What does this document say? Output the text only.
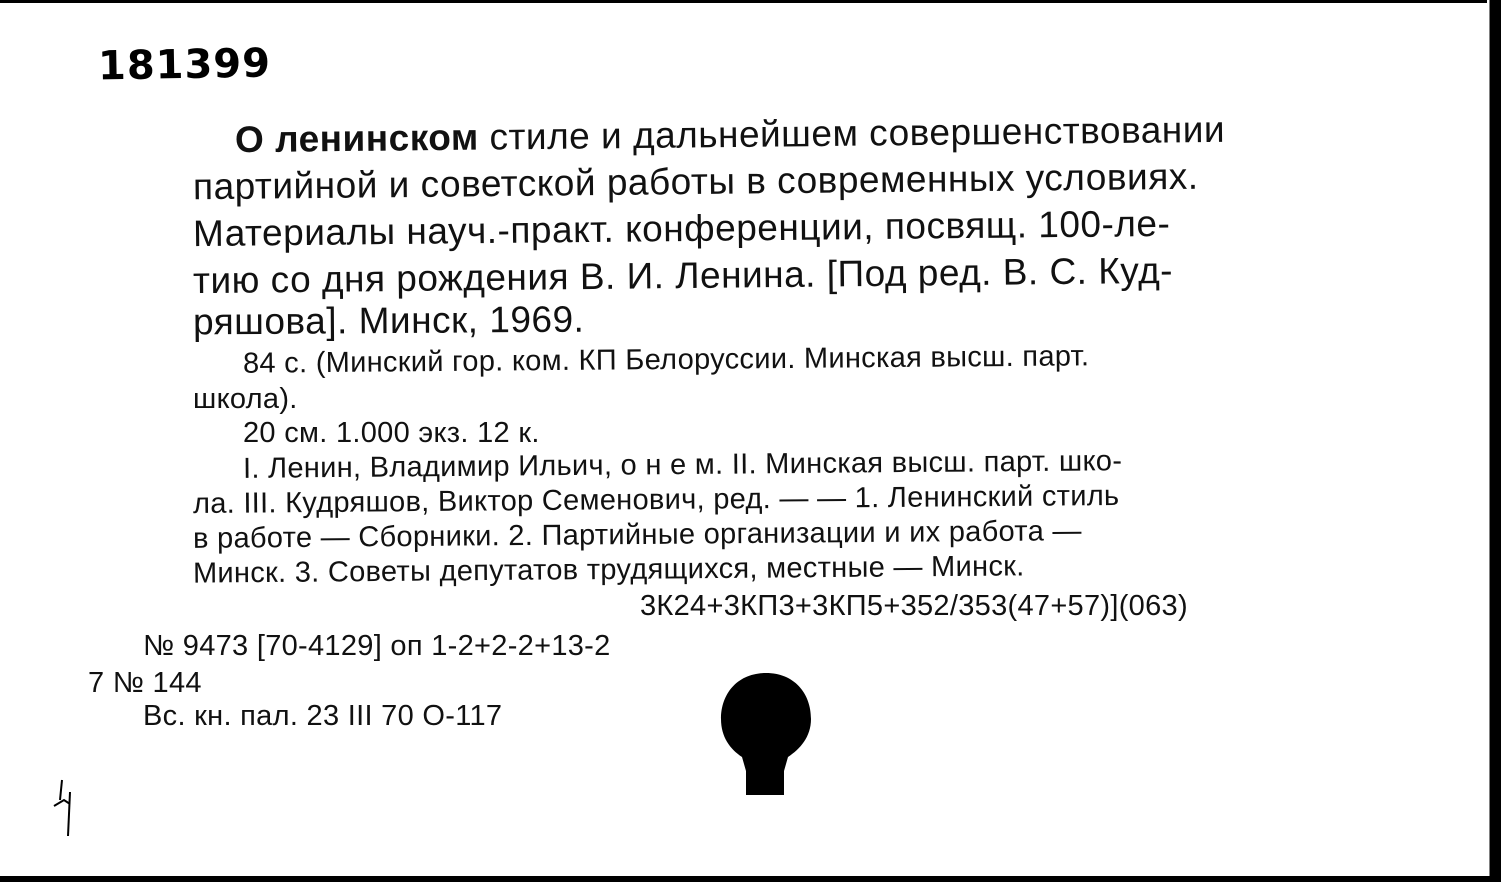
181399
О ленинском стиле и дальнейшем совершенствовании
партийной и советской работы в современных условиях.
Материалы науч.-практ. конференции, посвящ. 100-ле-
тию со дня рождения В. И. Ленина. [Под ред. В. С. Куд-
ряшова]. Минск, 1969.
84 с. (Минский гор. ком. КП Белоруссии. Минская высш. парт.
школа).
20 см. 1.000 экз. 12 к.
I. Ленин, Владимир Ильич, о н е м. II. Минская высш. парт. шко-
ла. III. Кудряшов, Виктор Семенович, ред. — — 1. Ленинский стиль
в работе — Сборники. 2. Партийные организации и их работа —
Минск. 3. Советы депутатов трудящихся, местные — Минск.
3К24+3КП3+3КП5+352/353(47+57)](063)
№ 9473 [70-4129] оп 1-2+2-2+13-2
7 № 144
Вс. кн. пал. 23 III 70 О-117
